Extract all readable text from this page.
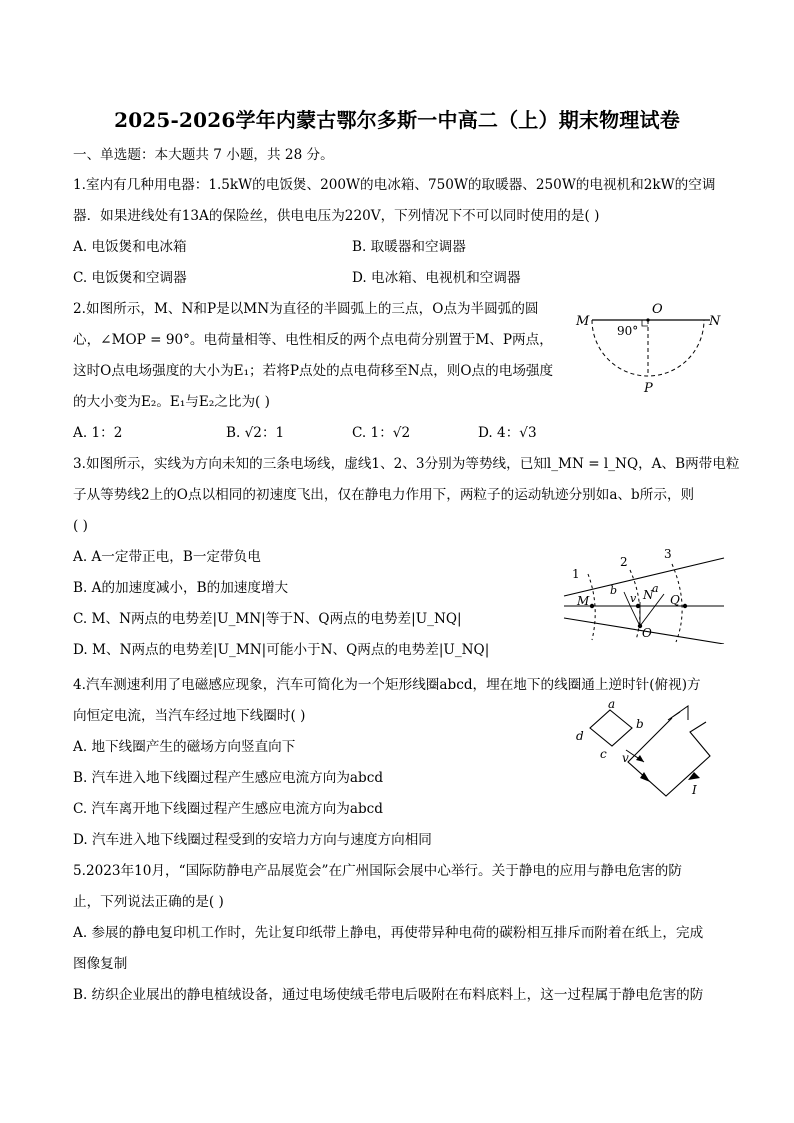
2025-2026学年内蒙古鄂尔多斯一中高二（上）期末物理试卷
一、单选题：本大题共 7 小题，共 28 分。
1.室内有几种用电器：1.5kW的电饭煲、200W的电冰箱、750W的取暖器、250W的电视机和2kW的空调
器．如果进线处有13A的保险丝，供电电压为220V，下列情况下不可以同时使用的是( )
A. 电饭煲和电冰箱	B. 取暖器和空调器
C. 电饭煲和空调器	D. 电冰箱、电视机和空调器
2.如图所示，M、N和P是以MN为直径的半圆弧上的三点，O点为半圆弧的圆
心，∠MOP = 90°。电荷量相等、电性相反的两个点电荷分别置于M、P两点，
这时O点电场强度的大小为E₁；若将P点处的点电荷移至N点，则O点的电场强度
的大小变为E₂。E₁与E₂之比为( )
A. 1：2	B. √2：1	C. 1：√2	D. 4：√3
M	N
O
P
90°
3.如图所示，实线为方向未知的三条电场线，虚线1、2、3分别为等势线，已知l_MN = l_NQ，A、B两带电粒
子从等势线2上的O点以相同的初速度飞出，仅在静电力作用下，两粒子的运动轨迹分别如a、b所示，则
( )
A. A一定带正电，B一定带负电
B. A的加速度减小，B的加速度增大
C. M、N两点的电势差|U_MN|等于N、Q两点的电势差|U_NQ|
D. M、N两点的电势差|U_MN|可能小于N、Q两点的电势差|U_NQ|
1
2
3
M	N Q
O
a
b
v
4.汽车测速利用了电磁感应现象，汽车可简化为一个矩形线圈abcd，埋在地下的线圈通上逆时针(俯视)方
向恒定电流，当汽车经过地下线圈时( )
A. 地下线圈产生的磁场方向竖直向下
B. 汽车进入地下线圈过程产生感应电流方向为abcd
C. 汽车离开地下线圈过程产生感应电流方向为abcd
D. 汽车进入地下线圈过程受到的安培力方向与速度方向相同
a
b
c
d
v
I
5.2023年10月，“国际防静电产品展览会”在广州国际会展中心举行。关于静电的应用与静电危害的防
止，下列说法正确的是( )
A. 参展的静电复印机工作时，先让复印纸带上静电，再使带异种电荷的碳粉相互排斥而附着在纸上，完成
图像复制
B. 纺织企业展出的静电植绒设备，通过电场使绒毛带电后吸附在布料底料上，这一过程属于静电危害的防
